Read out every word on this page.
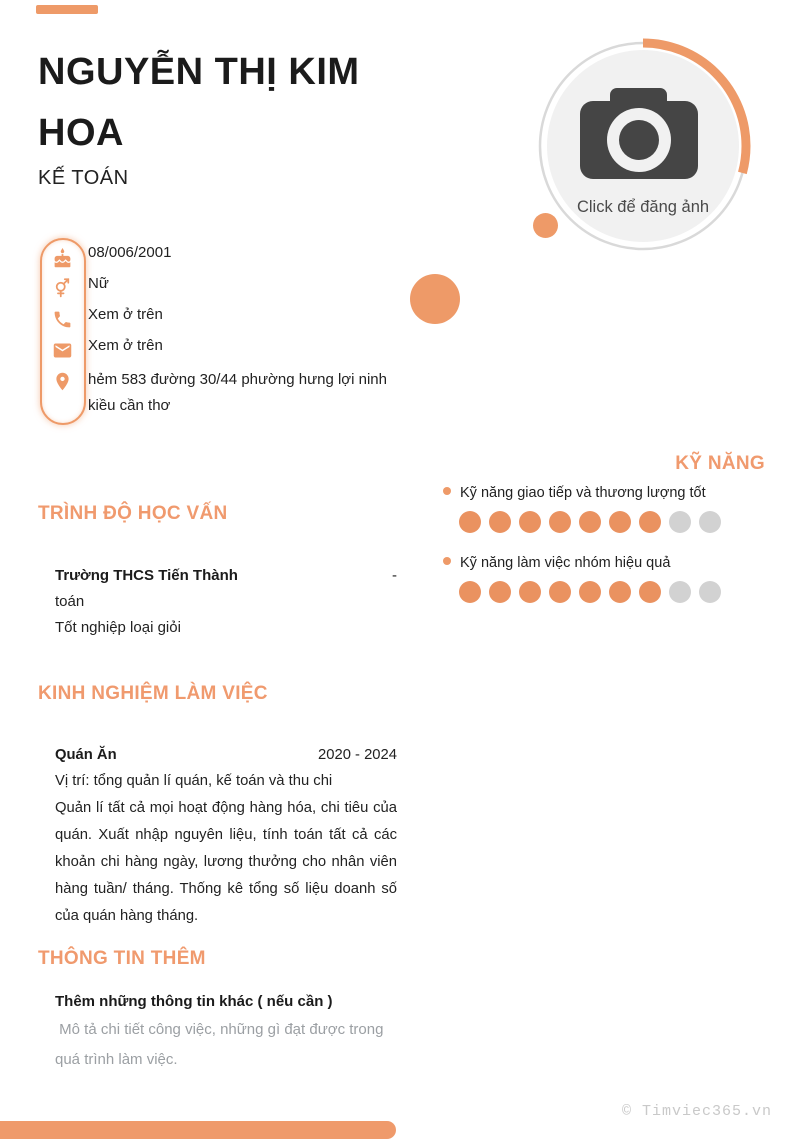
NGUYỄN THỊ KIM HOA
KẾ TOÁN
Click để đăng ảnh
08/006/2001
Nữ
Xem ở trên
Xem ở trên
hẻm 583 đường 30/44 phường hưng lợi ninh kiều cần thơ
KỸ NĂNG
Kỹ năng giao tiếp và thương lượng tốt
Kỹ năng làm việc nhóm hiệu quả
TRÌNH ĐỘ HỌC VẤN
Trường THCS Tiến Thành	-
toán
Tốt nghiệp loại giỏi
KINH NGHIỆM LÀM VIỆC
Quán Ăn	2020 - 2024
Vị trí: tổng quản lí quán, kế toán và thu chi
Quản lí tất cả mọi hoạt động hàng hóa, chi tiêu của quán. Xuất nhập nguyên liệu, tính toán tất cả các khoản chi hàng ngày, lương thưởng cho nhân viên hàng tuần/ tháng. Thống kê tổng số liệu doanh số của quán hàng tháng.
THÔNG TIN THÊM
Thêm những thông tin khác ( nếu cần )
Mô tả chi tiết công việc, những gì đạt được trong quá trình làm việc.
© Timviec365.vn
